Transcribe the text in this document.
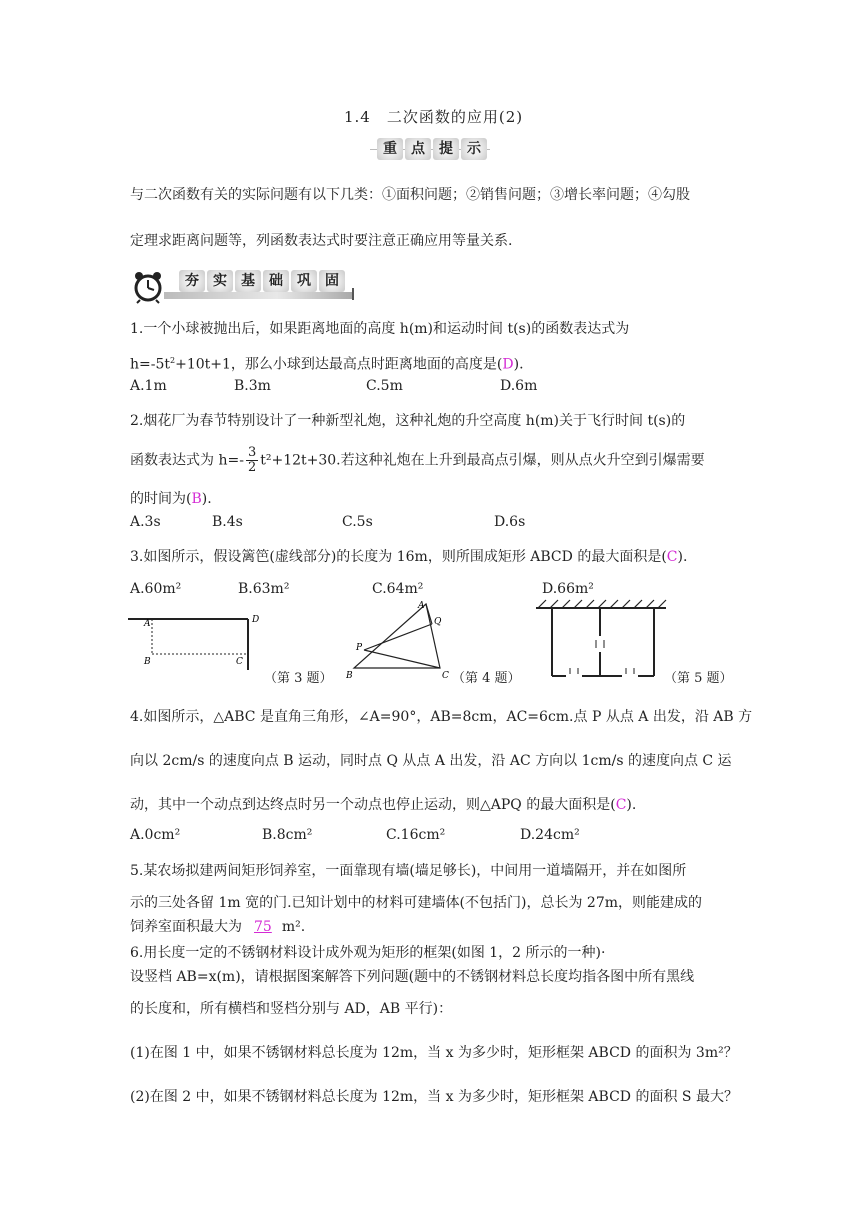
1.4　二次函数的应用(2)
重	点	提	示
与二次函数有关的实际问题有以下几类：①面积问题；②销售问题；③增长率问题；④勾股
定理求距离问题等，列函数表达式时要注意正确应用等量关系.
夯	实	基	础	巩	固
1.一个小球被抛出后，如果距离地面的高度 h(m)和运动时间 t(s)的函数表达式为
$h=-5t^2+10t+1$，那么小球到达最高点时距离地面的高度是(D).
A.1m	B.3m	C.5m	D.6m
2.烟花厂为春节特别设计了一种新型礼炮，这种礼炮的升空高度 h(m)关于飞行时间 t(s)的
函数表达式为 $h=- \frac{3}{2} t^2+12t+30$.若这种礼炮在上升到最高点引爆，则从点火升空到引爆需要
的时间为(B).
A.3s	B.4s	C.5s	D.6s
3.如图所示，假设篱笆(虚线部分)的长度为 16m，则所围成矩形 ABCD 的最大面积是(C).
A.60m²	B.63m²	C.64m²	D.66m²
A
B	C
D
（第 3 题）
A
Q
P
B	C （第 4 题）	（第 5 题）
4.如图所示，△ABC 是直角三角形，∠A=90°，AB=8cm，AC=6cm.点 P 从点 A 出发，沿 AB 方
向以 2cm/s 的速度向点 B 运动，同时点 Q 从点 A 出发，沿 AC 方向以 1cm/s 的速度向点 C 运
动，其中一个动点到达终点时另一个动点也停止运动，则△APQ 的最大面积是(C).
A.0cm²	B.8cm²	C.16cm²	D.24cm²
5.某农场拟建两间矩形饲养室，一面靠现有墙(墙足够长)，中间用一道墙隔开，并在如图所
示的三处各留 1m 宽的门.已知计划中的材料可建墙体(不包括门)，总长为 27m，则能建成的
饲养室面积最大为 75 m².
6.用长度一定的不锈钢材料设计成外观为矩形的框架(如图 1，2 所示的一种)·
设竖档 AB=x(m)，请根据图案解答下列问题(题中的不锈钢材料总长度均指各图中所有黑线
的长度和，所有横档和竖档分别与 AD，AB 平行)：
(1)在图 1 中，如果不锈钢材料总长度为 12m，当 x 为多少时，矩形框架 ABCD 的面积为 3m²？
(2)在图 2 中，如果不锈钢材料总长度为 12m，当 x 为多少时，矩形框架 ABCD 的面积 S 最大？
